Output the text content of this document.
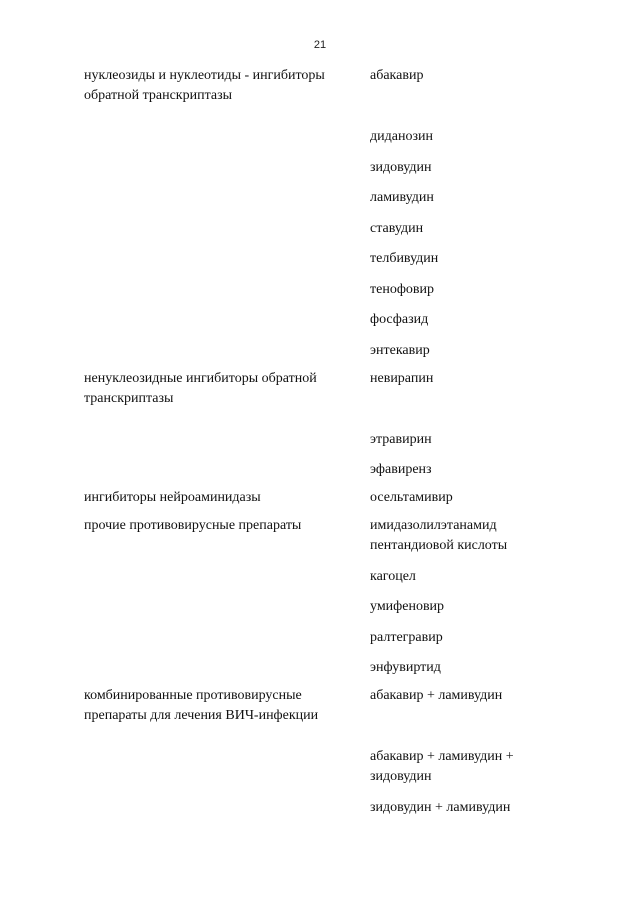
21
нуклеозиды и нуклеотиды - ингибиторы
обратной транскриптазы
абакавир
диданозин
зидовудин
ламивудин
ставудин
телбивудин
тенофовир
фосфазид
энтекавир
ненуклеозидные ингибиторы обратной
транскриптазы
невирапин
этравирин
эфавиренз
ингибиторы нейроаминидазы	осельтамивир
прочие противовирусные препараты	имидазолилэтанамид
пентандиовой кислоты
кагоцел
умифеновир
ралтегравир
энфувиртид
комбинированные противовирусные
препараты для лечения ВИЧ-инфекции
абакавир + ламивудин
абакавир + ламивудин +
зидовудин
зидовудин + ламивудин
